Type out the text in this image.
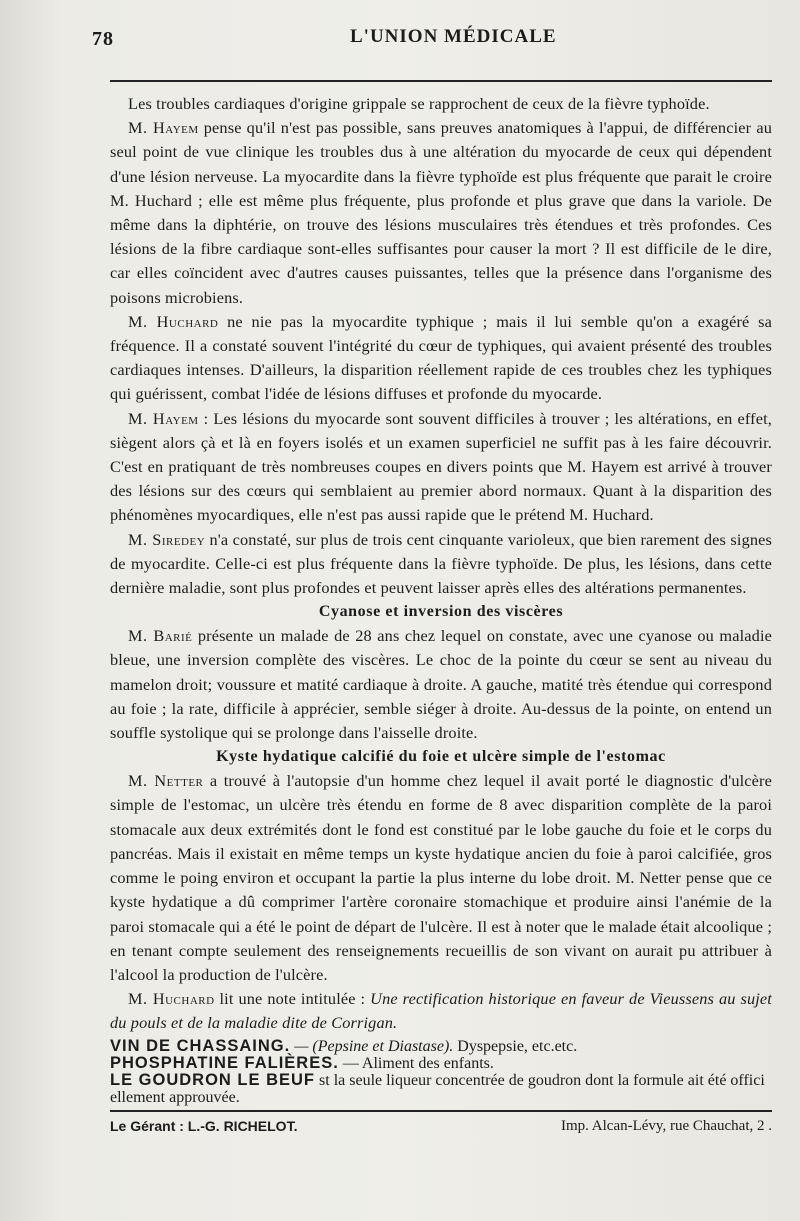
78	L'UNION MÉDICALE

Les troubles cardiaques d'origine grippale se rapprochent de ceux de la fièvre typhoïde.

M. Hayem pense qu'il n'est pas possible, sans preuves anatomiques à l'appui, de différencier au seul point de vue clinique les troubles dus à une altération du myocarde de ceux qui dépendent d'une lésion nerveuse. La myocardite dans la fièvre typhoïde est plus fréquente que parait le croire M. Huchard ; elle est même plus fréquente, plus profonde et plus grave que dans la variole. De même dans la diphtérie, on trouve des lésions musculaires très étendues et très profondes. Ces lésions de la fibre cardiaque sont-elles suffisantes pour causer la mort ? Il est difficile de le dire, car elles coïncident avec d'autres causes puissantes, telles que la présence dans l'organisme des poisons microbiens.

M. Huchard ne nie pas la myocardite typhique ; mais il lui semble qu'on a exagéré sa fréquence. Il a constaté souvent l'intégrité du cœur de typhiques, qui avaient présenté des troubles cardiaques intenses. D'ailleurs, la disparition réellement rapide de ces troubles chez les typhiques qui guérissent, combat l'idée de lésions diffuses et profonde du myocarde.

M. Hayem : Les lésions du myocarde sont souvent difficiles à trouver ; les altérations, en effet, siègent alors çà et là en foyers isolés et un examen superficiel ne suffit pas à les faire découvrir. C'est en pratiquant de très nombreuses coupes en divers points que M. Hayem est arrivé à trouver des lésions sur des cœurs qui semblaient au premier abord normaux. Quant à la disparition des phénomènes myocardiques, elle n'est pas aussi rapide que le prétend M. Huchard.

M. Siredey n'a constaté, sur plus de trois cent cinquante varioleux, que bien rarement des signes de myocardite. Celle-ci est plus fréquente dans la fièvre typhoïde. De plus, les lésions, dans cette dernière maladie, sont plus profondes et peuvent laisser après elles des altérations permanentes.

Cyanose et inversion des viscères

M. Barié présente un malade de 28 ans chez lequel on constate, avec une cyanose ou maladie bleue, une inversion complète des viscères. Le choc de la pointe du cœur se sent au niveau du mamelon droit; voussure et matité cardiaque à droite. A gauche, matité très étendue qui correspond au foie ; la rate, difficile à apprécier, semble siéger à droite. Au-dessus de la pointe, on entend un souffle systolique qui se prolonge dans l'aisselle droite.

Kyste hydatique calcifié du foie et ulcère simple de l'estomac

M. Netter a trouvé à l'autopsie d'un homme chez lequel il avait porté le diagnostic d'ulcère simple de l'estomac, un ulcère très étendu en forme de 8 avec disparition complète de la paroi stomacale aux deux extrémités dont le fond est constitué par le lobe gauche du foie et le corps du pancréas. Mais il existait en même temps un kyste hydatique ancien du foie à paroi calcifiée, gros comme le poing environ et occupant la partie la plus interne du lobe droit. M. Netter pense que ce kyste hydatique a dû comprimer l'artère coronaire stomachique et produire ainsi l'anémie de la paroi stomacale qui a été le point de départ de l'ulcère. Il est à noter que le malade était alcoolique ; en tenant compte seulement des renseignements recueillis de son vivant on aurait pu attribuer à l'alcool la production de l'ulcère.

M. Huchard lit une note intitulée : Une rectification historique en faveur de Vieussens au sujet du pouls et de la maladie dite de Corrigan.

VIN DE CHASSAING. — (Pepsine et Diastase). Dyspepsie, etc.etc.
PHOSPHATINE FALIÈRES. — Aliment des enfants.
LE GOUDRON LE BEUF st la seule liqueur concentrée de goudron dont la formule ait été offici ellement approuvée.
Le Gérant : L.-G. RICHELOT.	Imp. Alcan-Lévy, rue Chauchat, 2 .
